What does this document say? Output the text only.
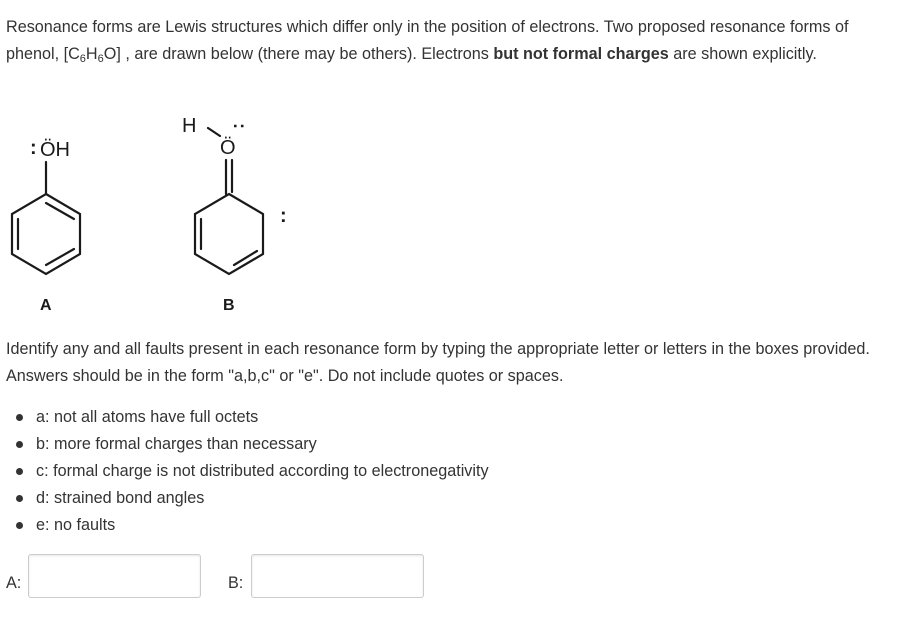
Resonance forms are Lewis structures which differ only in the position of electrons. Two proposed resonance forms of phenol, $[C_6H_6O]$ , are drawn below (there may be others). Electrons but not formal charges are shown explicitly.

ÖH
:
A
H
Ö
:
:
B

Identify any and all faults present in each resonance form by typing the appropriate letter or letters in the boxes provided. Answers should be in the form "a,b,c" or "e". Do not include quotes or spaces.

a: not all atoms have full octets
b: more formal charges than necessary
c: formal charge is not distributed according to electronegativity
d: strained bond angles
e: no faults
A:	B:
